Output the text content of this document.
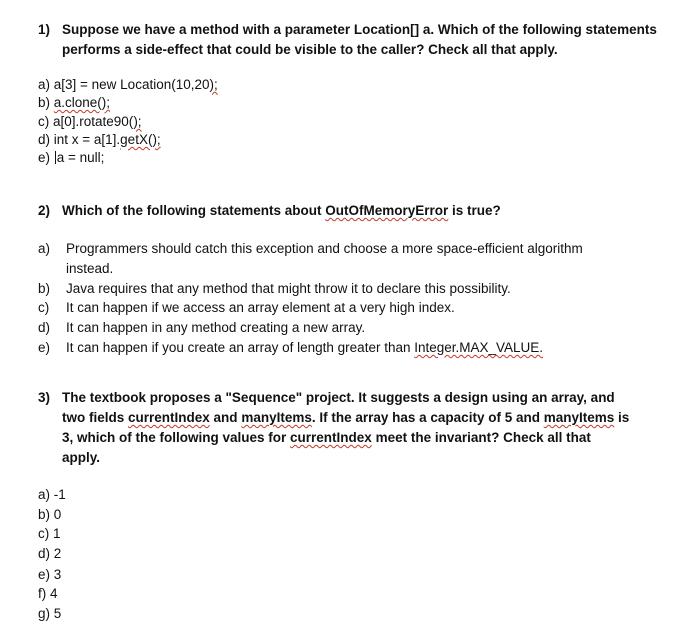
1) Suppose we have a method with a parameter Location[] a. Which of the following statements
performs a side-effect that could be visible to the caller? Check all that apply.
a) a[3] = new Location(10,20);
b) a.clone();
c) a[0].rotate90();
d) int x = a[1].getX();
e) a = null;
2) Which of the following statements about OutOfMemoryError is true?
a) Programmers should catch this exception and choose a more space-efficient algorithm
instead.
b) Java requires that any method that might throw it to declare this possibility.
c) It can happen if we access an array element at a very high index.
d) It can happen in any method creating a new array.
e) It can happen if you create an array of length greater than Integer.MAX_VALUE.
3) The textbook proposes a "Sequence" project. It suggests a design using an array, and
two fields currentIndex and manyItems. If the array has a capacity of 5 and manyItems is
3, which of the following values for currentIndex meet the invariant? Check all that
apply.
a) -1
b) 0
c) 1
d) 2
e) 3
f) 4
g) 5
